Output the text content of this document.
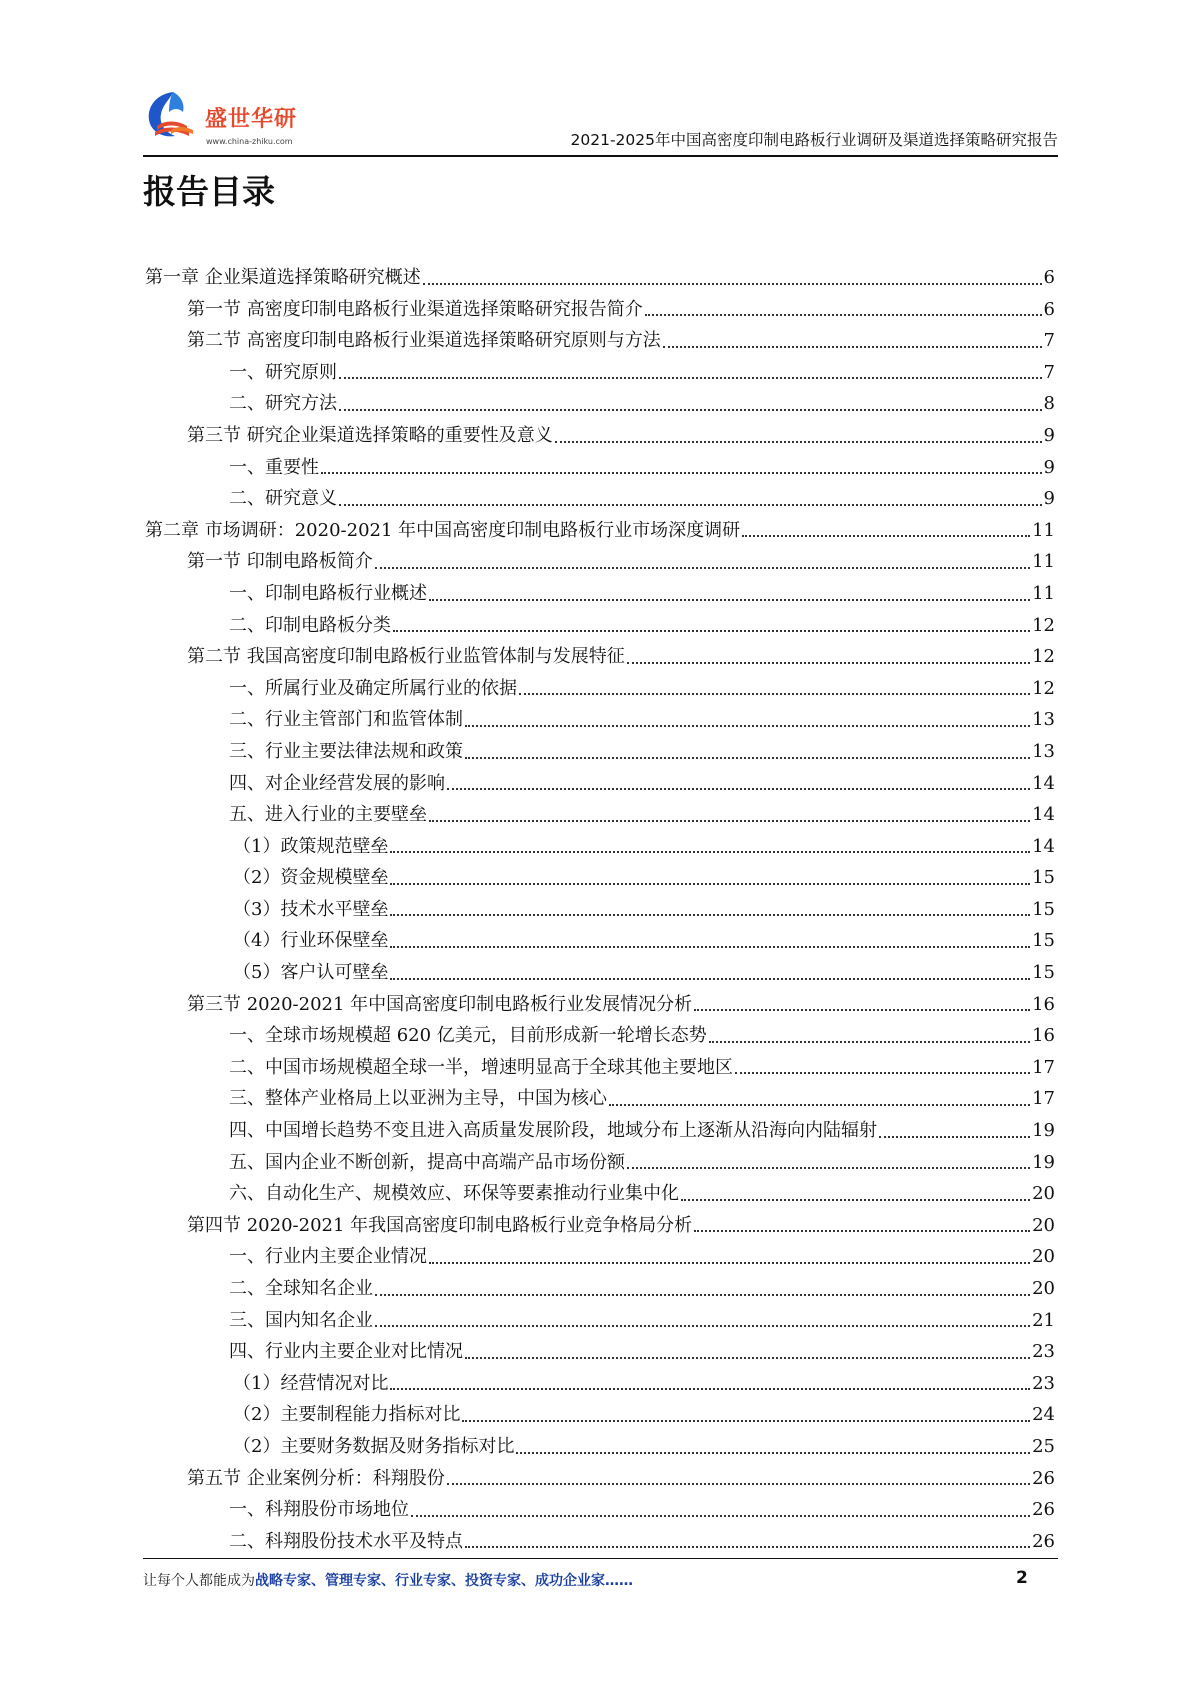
盛世华研
www.china-zhiku.com	2021-2025年中国高密度印制电路板行业调研及渠道选择策略研究报告
报告目录
第一章 企业渠道选择策略研究概述	6
第一节 高密度印制电路板行业渠道选择策略研究报告简介	6
第二节 高密度印制电路板行业渠道选择策略研究原则与方法	7
一、研究原则	7
二、研究方法	8
第三节 研究企业渠道选择策略的重要性及意义	9
一、重要性	9
二、研究意义	9
第二章 市场调研：2020-2021 年中国高密度印制电路板行业市场深度调研	11
第一节 印制电路板简介	11
一、印制电路板行业概述	11
二、印制电路板分类	12
第二节 我国高密度印制电路板行业监管体制与发展特征	12
一、所属行业及确定所属行业的依据	12
二、行业主管部门和监管体制	13
三、行业主要法律法规和政策	13
四、对企业经营发展的影响	14
五、进入行业的主要壁垒	14
（1）政策规范壁垒	14
（2）资金规模壁垒	15
（3）技术水平壁垒	15
（4）行业环保壁垒	15
（5）客户认可壁垒	15
第三节 2020-2021 年中国高密度印制电路板行业发展情况分析	16
一、全球市场规模超 620 亿美元，目前形成新一轮增长态势	16
二、中国市场规模超全球一半，增速明显高于全球其他主要地区	17
三、整体产业格局上以亚洲为主导，中国为核心	17
四、中国增长趋势不变且进入高质量发展阶段，地域分布上逐渐从沿海向内陆辐射	19
五、国内企业不断创新，提高中高端产品市场份额	19
六、自动化生产、规模效应、环保等要素推动行业集中化	20
第四节 2020-2021 年我国高密度印制电路板行业竞争格局分析	20
一、行业内主要企业情况	20
二、全球知名企业	20
三、国内知名企业	21
四、行业内主要企业对比情况	23
（1）经营情况对比	23
（2）主要制程能力指标对比	24
（2）主要财务数据及财务指标对比	25
第五节 企业案例分析：科翔股份	26
一、科翔股份市场地位	26
二、科翔股份技术水平及特点	26
让每个人都能成为战略专家、管理专家、行业专家、投资专家、成功企业家……	2
